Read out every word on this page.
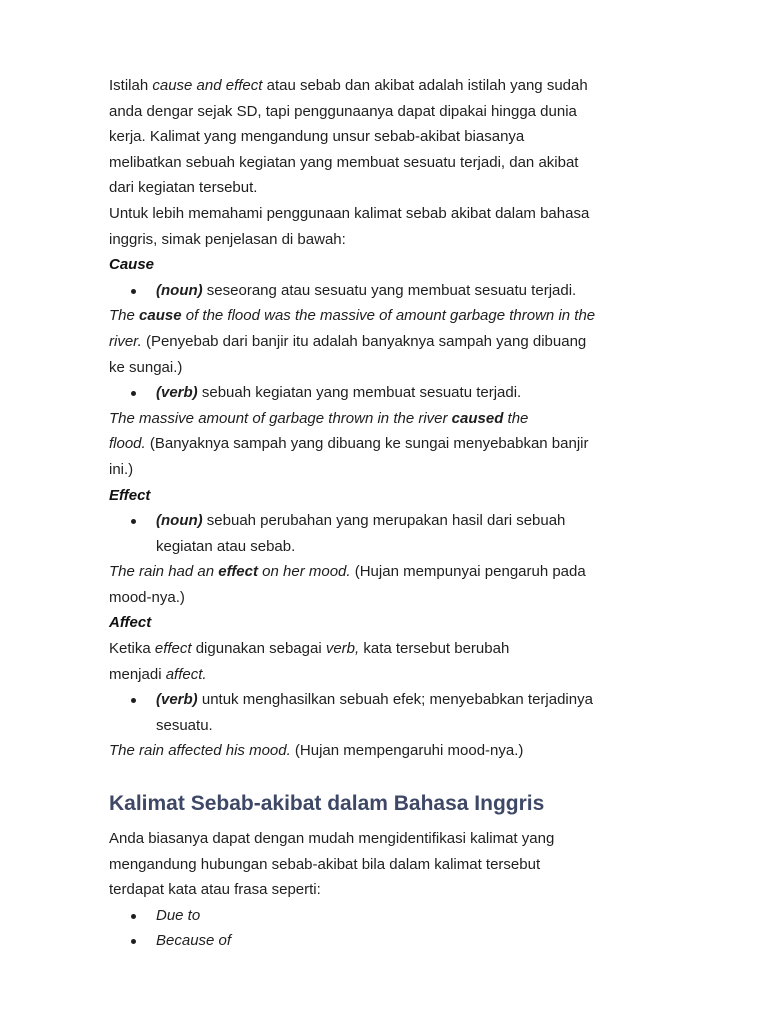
Istilah cause and effect atau sebab dan akibat adalah istilah yang sudah
anda dengar sejak SD, tapi penggunaanya dapat dipakai hingga dunia
kerja. Kalimat yang mengandung unsur sebab-akibat biasanya
melibatkan sebuah kegiatan yang membuat sesuatu terjadi, dan akibat
dari kegiatan tersebut.
Untuk lebih memahami penggunaan kalimat sebab akibat dalam bahasa
inggris, simak penjelasan di bawah:
Cause
(noun) seseorang atau sesuatu yang membuat sesuatu terjadi.
The cause of the flood was the massive of amount garbage thrown in the
river. (Penyebab dari banjir itu adalah banyaknya sampah yang dibuang
ke sungai.)
(verb) sebuah kegiatan yang membuat sesuatu terjadi.
The massive amount of garbage thrown in the river caused the
flood. (Banyaknya sampah yang dibuang ke sungai menyebabkan banjir
ini.)
Effect
(noun) sebuah perubahan yang merupakan hasil dari sebuah
kegiatan atau sebab.
The rain had an effect on her mood. (Hujan mempunyai pengaruh pada
mood-nya.)
Affect
Ketika effect digunakan sebagai verb, kata tersebut berubah
menjadi affect.
(verb) untuk menghasilkan sebuah efek; menyebabkan terjadinya
sesuatu.
The rain affected his mood. (Hujan mempengaruhi mood-nya.)
Kalimat Sebab-akibat dalam Bahasa Inggris
Anda biasanya dapat dengan mudah mengidentifikasi kalimat yang
mengandung hubungan sebab-akibat bila dalam kalimat tersebut
terdapat kata atau frasa seperti:
Due to
Because of
